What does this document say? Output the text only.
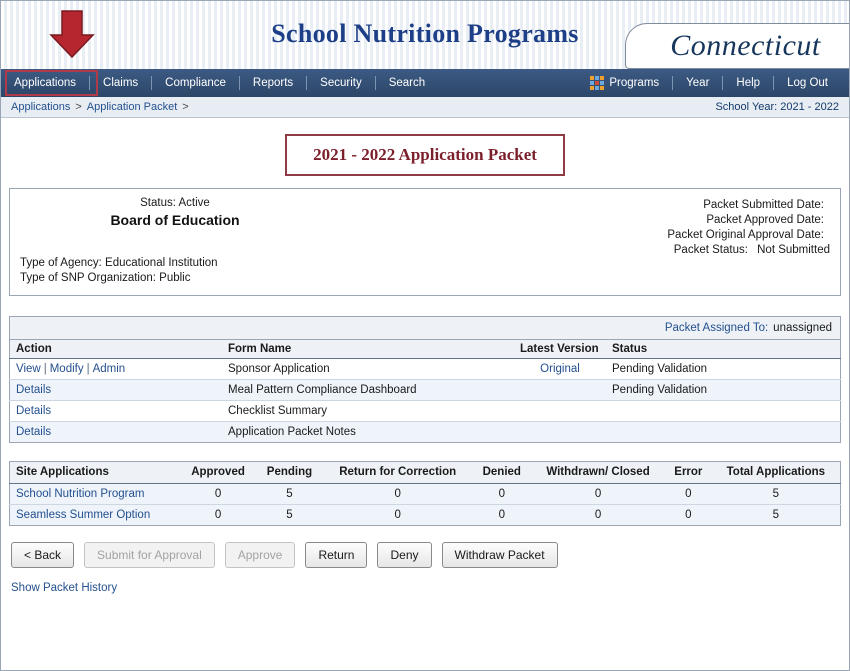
School Nutrition Programs	Connecticut
Applications	Claims	Compliance	Reports	Security	Search	Programs	Year	Help	Log Out
Applications > Application Packet >	School Year: 2021 - 2022
2021 - 2022 Application Packet
Status: Active
Board of Education
Packet Submitted Date:
Packet Approved Date:
Packet Original Approval Date:
Packet Status: Not Submitted
Type of Agency: Educational Institution
Type of SNP Organization: Public
Packet Assigned To: unassigned
Action	Form Name	Latest Version	Status
View | Modify | Admin	Sponsor Application	Original	Pending Validation
Details	Meal Pattern Compliance Dashboard		Pending Validation
Details	Checklist Summary		
Details	Application Packet Notes		
Site Applications	Approved	Pending	Return for Correction	Denied	Withdrawn/ Closed	Error	Total Applications
School Nutrition Program	0	5	0	0	0	0	5
Seamless Summer Option	0	5	0	0	0	0	5
< Back	Submit for Approval	Approve	Return	Deny	Withdraw Packet
Show Packet History
